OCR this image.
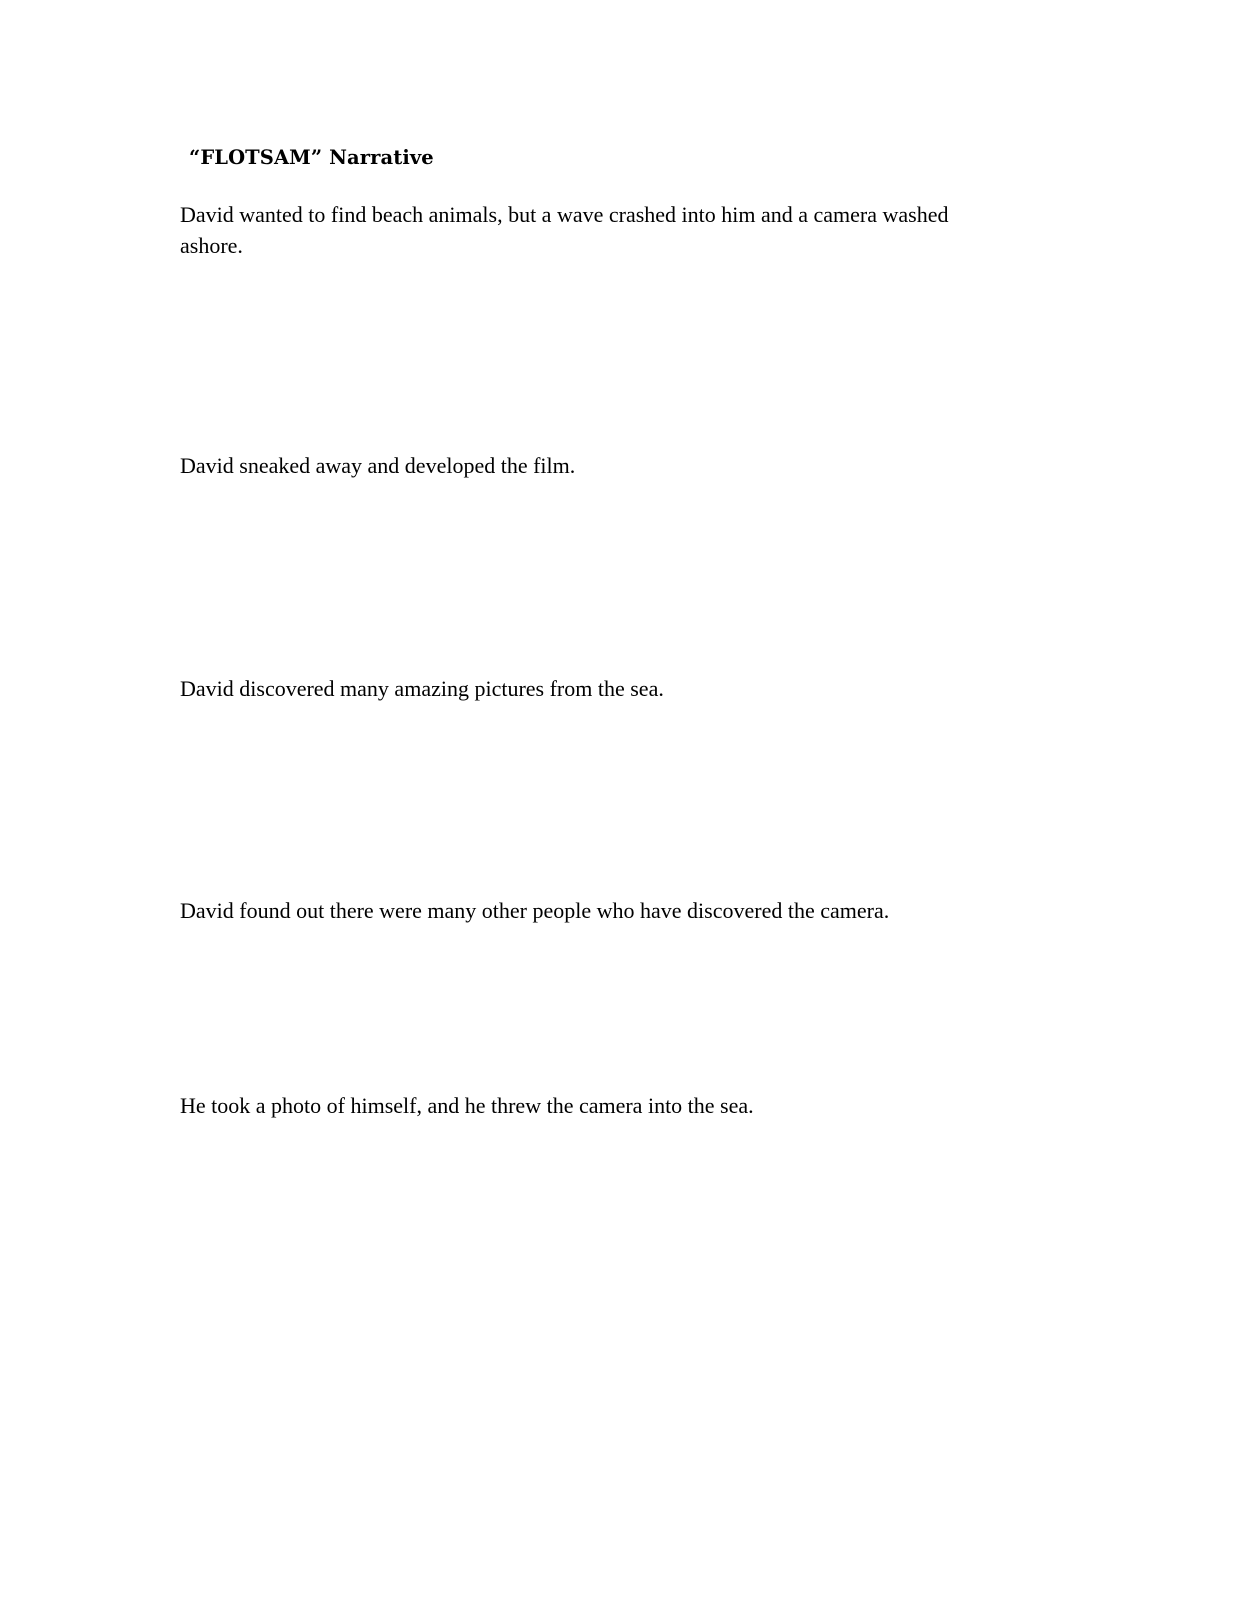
“FLOTSAM” Narrative

David wanted to find beach animals, but a wave crashed into him and a camera washed ashore.

David sneaked away and developed the film.

David discovered many amazing pictures from the sea.

David found out there were many other people who have discovered the camera.

He took a photo of himself, and he threw the camera into the sea.
